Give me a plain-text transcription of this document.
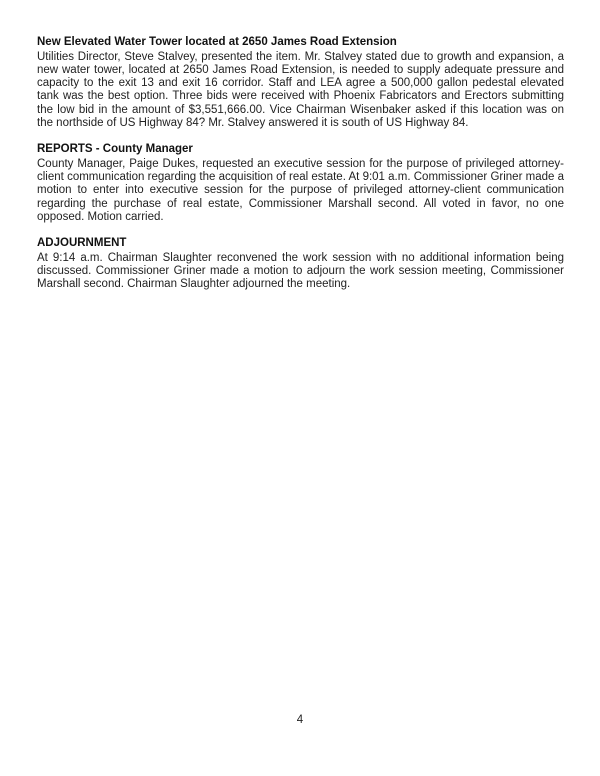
New Elevated Water Tower located at 2650 James Road Extension

Utilities Director, Steve Stalvey, presented the item. Mr. Stalvey stated due to growth and expansion, a new water tower, located at 2650 James Road Extension, is needed to supply adequate pressure and capacity to the exit 13 and exit 16 corridor. Staff and LEA agree a 500,000 gallon pedestal elevated tank was the best option. Three bids were received with Phoenix Fabricators and Erectors submitting the low bid in the amount of $3,551,666.00. Vice Chairman Wisenbaker asked if this location was on the northside of US Highway 84? Mr. Stalvey answered it is south of US Highway 84.

REPORTS - County Manager

County Manager, Paige Dukes, requested an executive session for the purpose of privileged attorney-client communication regarding the acquisition of real estate. At 9:01 a.m. Commissioner Griner made a motion to enter into executive session for the purpose of privileged attorney-client communication regarding the purchase of real estate, Commissioner Marshall second. All voted in favor, no one opposed. Motion carried.

ADJOURNMENT

At 9:14 a.m. Chairman Slaughter reconvened the work session with no additional information being discussed. Commissioner Griner made a motion to adjourn the work session meeting, Commissioner Marshall second. Chairman Slaughter adjourned the meeting.

4
